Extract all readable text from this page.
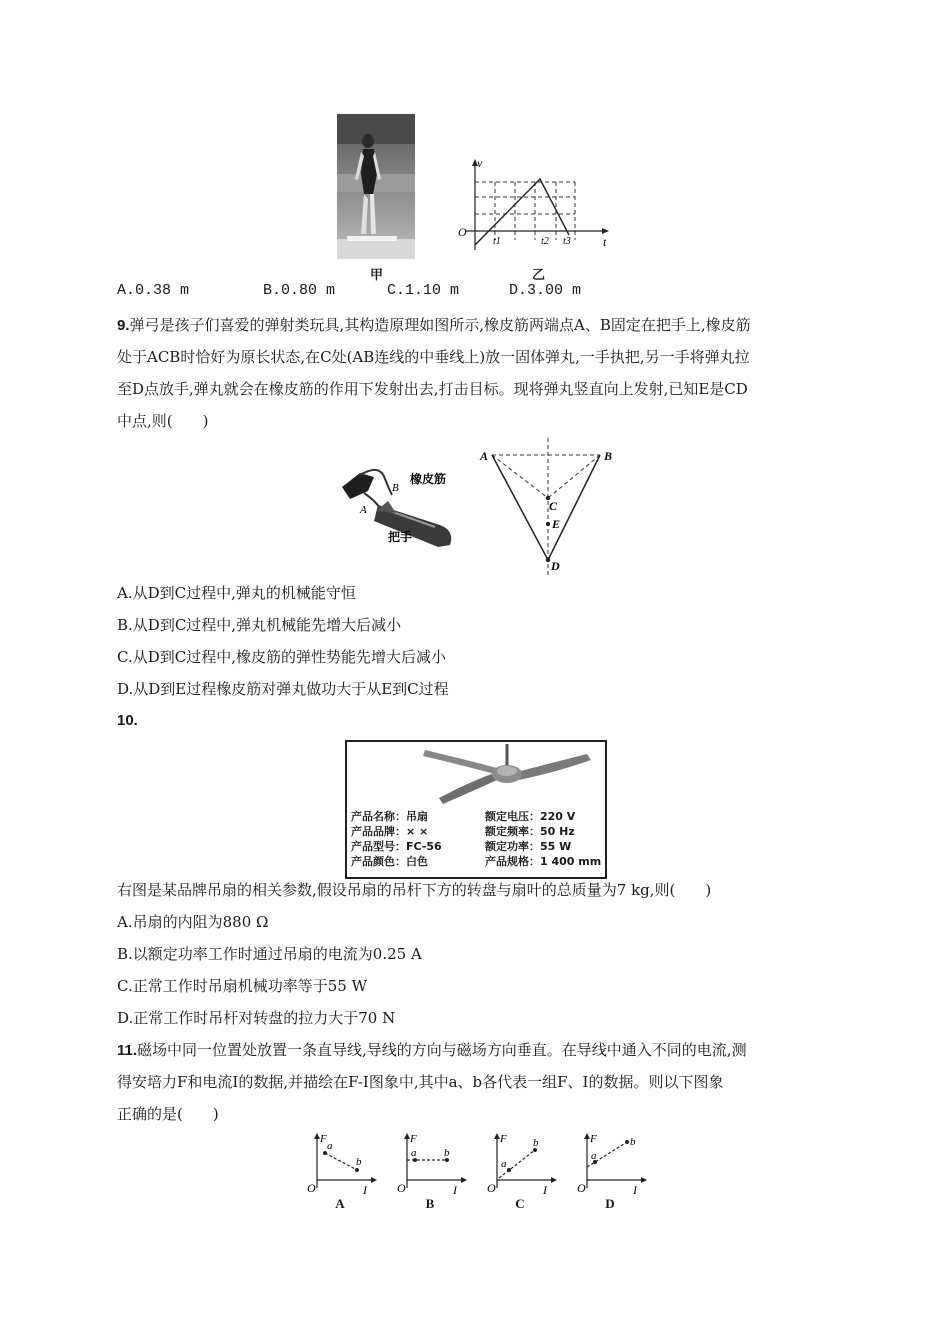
甲
v
O
t
t1	t2 t3
乙
A.0.38 m	B.0.80 m	C.1.10 m	D.3.00 m
9.弹弓是孩子们喜爱的弹射类玩具,其构造原理如图所示,橡皮筋两端点A、B固定在把手上,橡皮筋
处于ACB时恰好为原长状态,在C处(AB连线的中垂线上)放一固体弹丸,一手执把,另一手将弹丸拉
至D点放手,弹丸就会在橡皮筋的作用下发射出去,打击目标。现将弹丸竖直向上发射,已知E是CD
中点,则(　　)
橡皮筋
B
A
把手
A	B
C
E
D
A.从D到C过程中,弹丸的机械能守恒
B.从D到C过程中,弹丸机械能先增大后减小
C.从D到C过程中,橡皮筋的弹性势能先增大后减小
D.从D到E过程橡皮筋对弹丸做功大于从E到C过程
10.
产品名称：吊扇
产品品牌：× ×
产品型号：FC-56
产品颜色：白色
额定电压：220 V
额定频率：50 Hz
额定功率：55 W
产品规格：1 400 mm
右图是某品牌吊扇的相关参数,假设吊扇的吊杆下方的转盘与扇叶的总质量为7 kg,则(　　)
A.吊扇的内阻为880 Ω
B.以额定功率工作时通过吊扇的电流为0.25 A
C.正常工作时吊扇机械功率等于55 W
D.正常工作时吊杆对转盘的拉力大于70 N
11.磁场中同一位置处放置一条直导线,导线的方向与磁场方向垂直。在导线中通入不同的电流,测
得安培力F和电流I的数据,并描绘在F-I图象中,其中a、b各代表一组F、I的数据。则以下图象
正确的是(　　)
F
a
b
O	I
A
F
a	b
O	I
B
F
a
b
O	I
C
F
a
b
O	I
D
